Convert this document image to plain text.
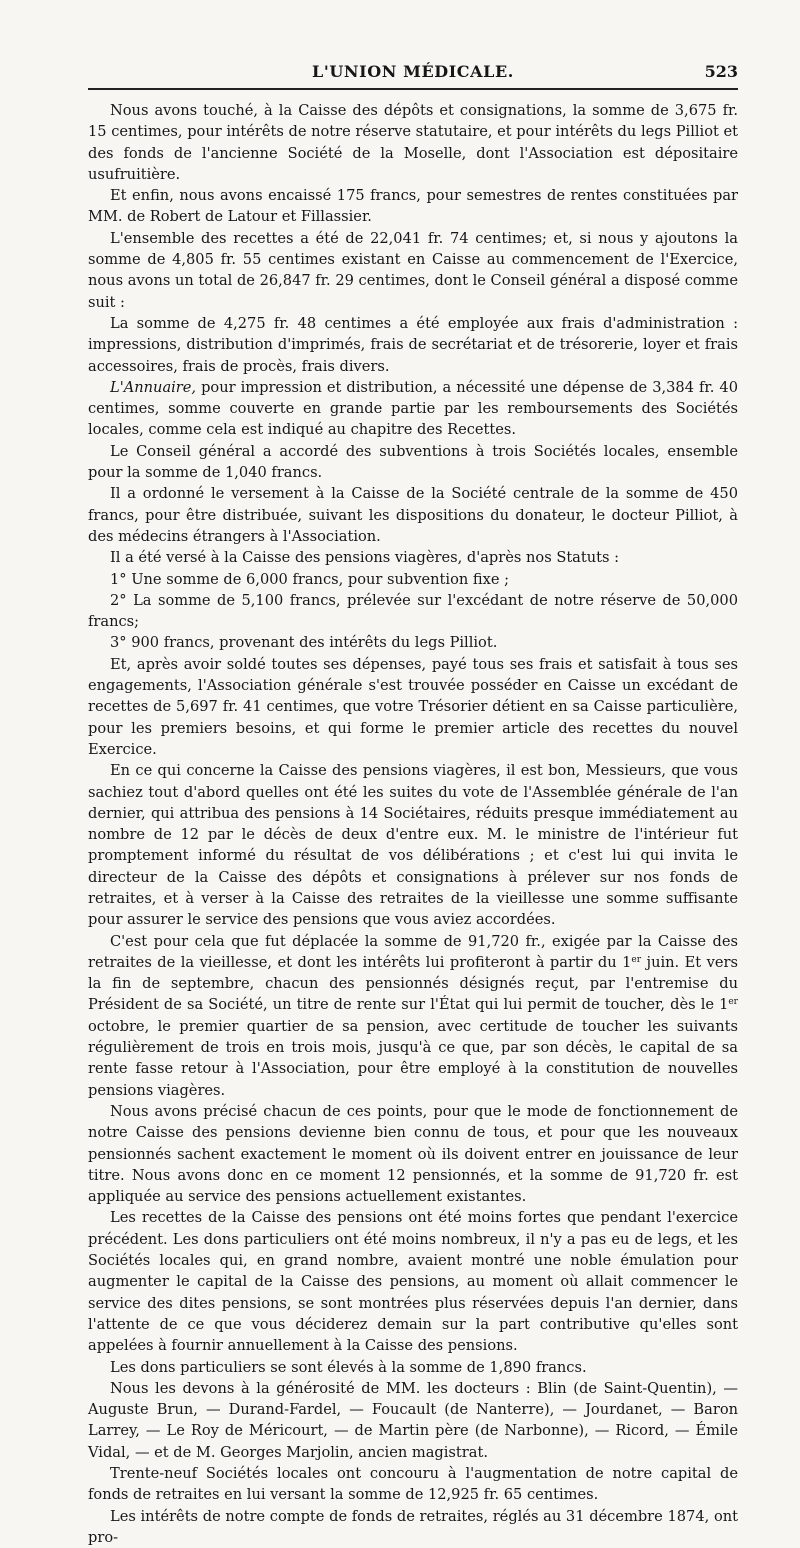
L'UNION MÉDICALE.	523

Nous avons touché, à la Caisse des dépôts et consignations, la somme de 3,675 fr. 15 centimes, pour intérêts de notre réserve statutaire, et pour intérêts du legs Pilliot et des fonds de l'ancienne Société de la Moselle, dont l'Association est dépositaire usufruitière.

Et enfin, nous avons encaissé 175 francs, pour semestres de rentes constituées par MM. de Robert de Latour et Fillassier.

L'ensemble des recettes a été de 22,041 fr. 74 centimes; et, si nous y ajoutons la somme de 4,805 fr. 55 centimes existant en Caisse au commencement de l'Exercice, nous avons un total de 26,847 fr. 29 centimes, dont le Conseil général a disposé comme suit :

La somme de 4,275 fr. 48 centimes a été employée aux frais d'administration : impressions, distribution d'imprimés, frais de secrétariat et de trésorerie, loyer et frais accessoires, frais de procès, frais divers.

L'Annuaire, pour impression et distribution, a nécessité une dépense de 3,384 fr. 40 centimes, somme couverte en grande partie par les remboursements des Sociétés locales, comme cela est indiqué au chapitre des Recettes.

Le Conseil général a accordé des subventions à trois Sociétés locales, ensemble pour la somme de 1,040 francs.

Il a ordonné le versement à la Caisse de la Société centrale de la somme de 450 francs, pour être distribuée, suivant les dispositions du donateur, le docteur Pilliot, à des médecins étrangers à l'Association.

Il a été versé à la Caisse des pensions viagères, d'après nos Statuts :

1° Une somme de 6,000 francs, pour subvention fixe ;

2° La somme de 5,100 francs, prélevée sur l'excédant de notre réserve de 50,000 francs;

3° 900 francs, provenant des intérêts du legs Pilliot.

Et, après avoir soldé toutes ses dépenses, payé tous ses frais et satisfait à tous ses engagements, l'Association générale s'est trouvée posséder en Caisse un excédant de recettes de 5,697 fr. 41 centimes, que votre Trésorier détient en sa Caisse particulière, pour les premiers besoins, et qui forme le premier article des recettes du nouvel Exercice.

En ce qui concerne la Caisse des pensions viagères, il est bon, Messieurs, que vous sachiez tout d'abord quelles ont été les suites du vote de l'Assemblée générale de l'an dernier, qui attribua des pensions à 14 Sociétaires, réduits presque immédiatement au nombre de 12 par le décès de deux d'entre eux. M. le ministre de l'intérieur fut promptement informé du résultat de vos délibérations ; et c'est lui qui invita le directeur de la Caisse des dépôts et consignations à prélever sur nos fonds de retraites, et à verser à la Caisse des retraites de la vieillesse une somme suffisante pour assurer le service des pensions que vous aviez accordées.

C'est pour cela que fut déplacée la somme de 91,720 fr., exigée par la Caisse des retraites de la vieillesse, et dont les intérêts lui profiteront à partir du 1er juin. Et vers la fin de septembre, chacun des pensionnés désignés reçut, par l'entremise du Président de sa Société, un titre de rente sur l'État qui lui permit de toucher, dès le 1er octobre, le premier quartier de sa pension, avec certitude de toucher les suivants régulièrement de trois en trois mois, jusqu'à ce que, par son décès, le capital de sa rente fasse retour à l'Association, pour être employé à la constitution de nouvelles pensions viagères.

Nous avons précisé chacun de ces points, pour que le mode de fonctionnement de notre Caisse des pensions devienne bien connu de tous, et pour que les nouveaux pensionnés sachent exactement le moment où ils doivent entrer en jouissance de leur titre. Nous avons donc en ce moment 12 pensionnés, et la somme de 91,720 fr. est appliquée au service des pensions actuellement existantes.

Les recettes de la Caisse des pensions ont été moins fortes que pendant l'exercice précédent. Les dons particuliers ont été moins nombreux, il n'y a pas eu de legs, et les Sociétés locales qui, en grand nombre, avaient montré une noble émulation pour augmenter le capital de la Caisse des pensions, au moment où allait commencer le service des dites pensions, se sont montrées plus réservées depuis l'an dernier, dans l'attente de ce que vous déciderez demain sur la part contributive qu'elles sont appelées à fournir annuellement à la Caisse des pensions.

Les dons particuliers se sont élevés à la somme de 1,890 francs.

Nous les devons à la générosité de MM. les docteurs : Blin (de Saint-Quentin), — Auguste Brun, — Durand-Fardel, — Foucault (de Nanterre), — Jourdanet, — Baron Larrey, — Le Roy de Méricourt, — de Martin père (de Narbonne), — Ricord, — Émile Vidal, — et de M. Georges Marjolin, ancien magistrat.

Trente-neuf Sociétés locales ont concouru à l'augmentation de notre capital de fonds de retraites en lui versant la somme de 12,925 fr. 65 centimes.

Les intérêts de notre compte de fonds de retraites, réglés au 31 décembre 1874, ont pro-
